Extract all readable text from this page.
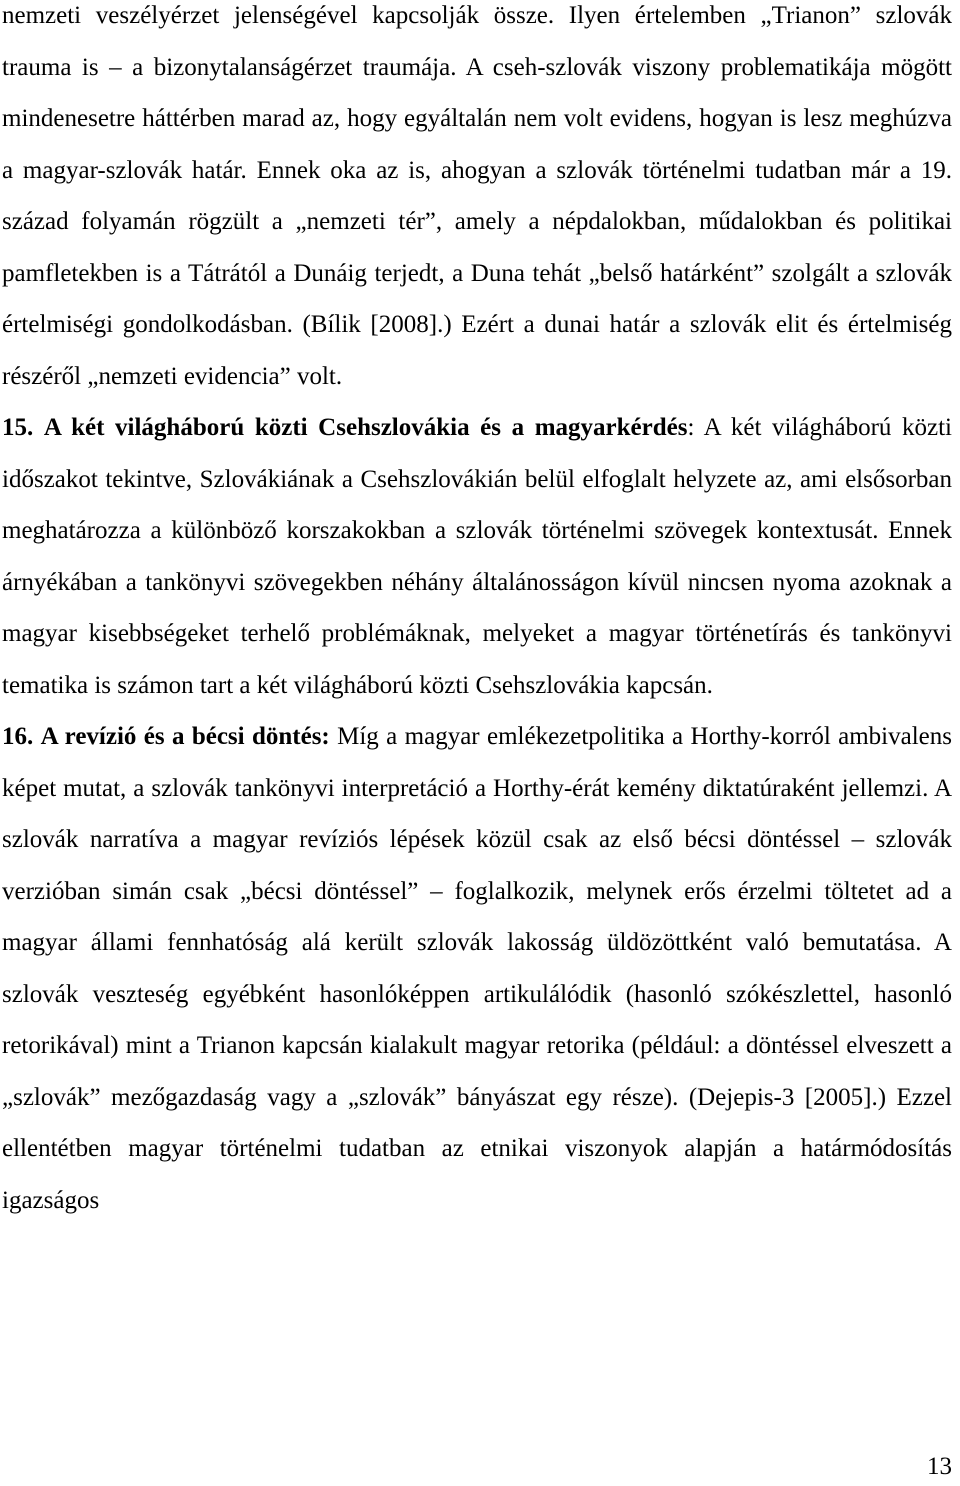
nemzeti veszélyérzet jelenségével kapcsolják össze. Ilyen értelemben „Trianon” szlovák trauma is – a bizonytalanságérzet traumája. A cseh-szlovák viszony problematikája mögött mindenesetre háttérben marad az, hogy egyáltalán nem volt evidens, hogyan is lesz meghúzva a magyar-szlovák határ. Ennek oka az is, ahogyan a szlovák történelmi tudatban már a 19. század folyamán rögzült a „nemzeti tér”, amely a népdalokban, műdalokban és politikai pamfletekben is a Tátrától a Dunáig terjedt, a Duna tehát „belső határként” szolgált a szlovák értelmiségi gondolkodásban. (Bílik [2008].) Ezért a dunai határ a szlovák elit és értelmiség részéről „nemzeti evidencia” volt.

15. A két világháború közti Csehszlovákia és a magyarkérdés: A két világháború közti időszakot tekintve, Szlovákiának a Csehszlovákián belül elfoglalt helyzete az, ami elsősorban meghatározza a különböző korszakokban a szlovák történelmi szövegek kontextusát. Ennek árnyékában a tankönyvi szövegekben néhány általánosságon kívül nincsen nyoma azoknak a magyar kisebbségeket terhelő problémáknak, melyeket a magyar történetírás és tankönyvi tematika is számon tart a két világháború közti Csehszlovákia kapcsán.

16. A revízió és a bécsi döntés: Míg a magyar emlékezetpolitika a Horthy-korról ambivalens képet mutat, a szlovák tankönyvi interpretáció a Horthy-érát kemény diktatúraként jellemzi. A szlovák narratíva a magyar revíziós lépések közül csak az első bécsi döntéssel – szlovák verzióban simán csak „bécsi döntéssel” – foglalkozik, melynek erős érzelmi töltetet ad a magyar állami fennhatóság alá került szlovák lakosság üldözöttként való bemutatása. A szlovák veszteség egyébként hasonlóképpen artikulálódik (hasonló szókészlettel, hasonló retorikával) mint a Trianon kapcsán kialakult magyar retorika (például: a döntéssel elveszett a „szlovák” mezőgazdaság vagy a „szlovák” bányászat egy része). (Dejepis-3 [2005].) Ezzel ellentétben magyar történelmi tudatban az etnikai viszonyok alapján a határmódosítás igazságos

13
